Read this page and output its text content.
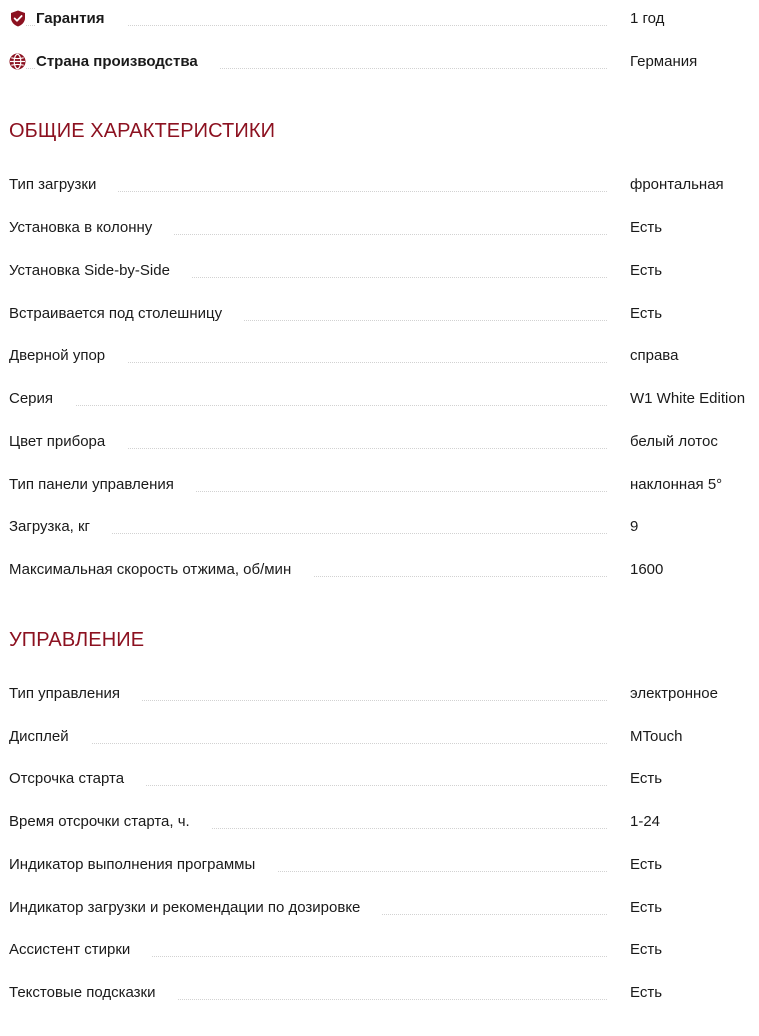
Гарантия	1 год
Страна производства	Германия
ОБЩИЕ ХАРАКТЕРИСТИКИ
Тип загрузки	фронтальная
Установка в колонну	Есть
Установка Side-by-Side	Есть
Встраивается под столешницу	Есть
Дверной упор	справа
Серия	W1 White Edition
Цвет прибора	белый лотос
Тип панели управления	наклонная 5°
Загрузка, кг	9
Максимальная скорость отжима, об/мин	1600
УПРАВЛЕНИЕ
Тип управления	электронное
Дисплей	MTouch
Отсрочка старта	Есть
Время отсрочки старта, ч.	1-24
Индикатор выполнения программы	Есть
Индикатор загрузки и рекомендации по дозировке	Есть
Ассистент стирки	Есть
Текстовые подсказки	Есть
